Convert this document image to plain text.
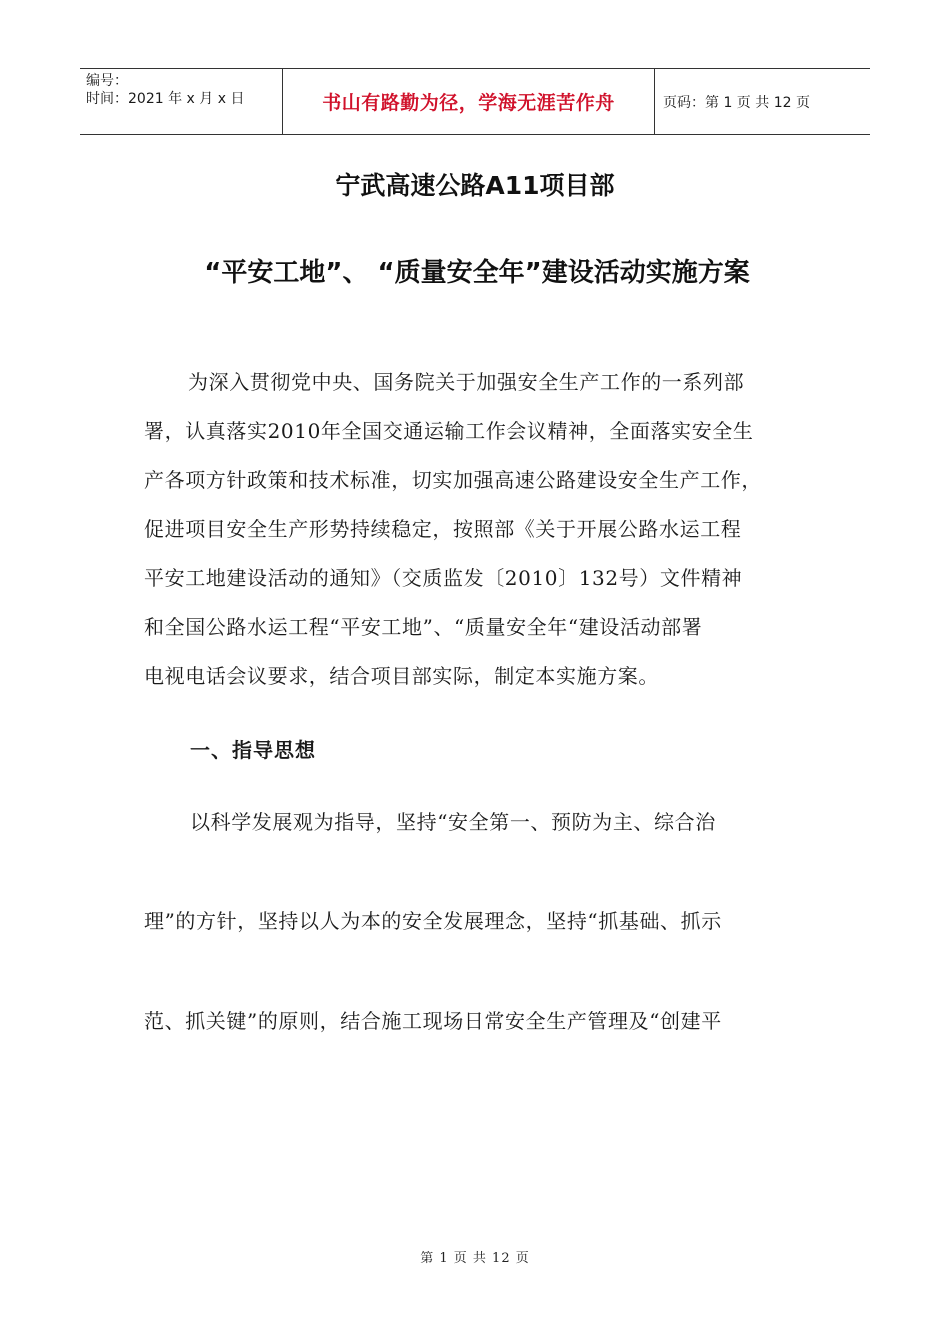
编号：
时间：2021 年 x 月 x 日	书山有路勤为径，学海无涯苦作舟	页码：第 1 页 共 12 页
宁武高速公路A11项目部
“平安工地”、 “质量安全年”建设活动实施方案
为深入贯彻党中央、国务院关于加强安全生产工作的一系列部
署，认真落实2010年全国交通运输工作会议精神，全面落实安全生
产各项方针政策和技术标准，切实加强高速公路建设安全生产工作，
促进项目安全生产形势持续稳定，按照部《关于开展公路水运工程
平安工地建设活动的通知》（交质监发〔2010〕132号）文件精神
和全国公路水运工程“平安工地”、“质量安全年“建设活动部署
电视电话会议要求，结合项目部实际，制定本实施方案。
一、指导思想
以科学发展观为指导，坚持“安全第一、预防为主、综合治
理”的方针，坚持以人为本的安全发展理念，坚持“抓基础、抓示
范、抓关键”的原则，结合施工现场日常安全生产管理及“创建平
第 1 页 共 12 页
